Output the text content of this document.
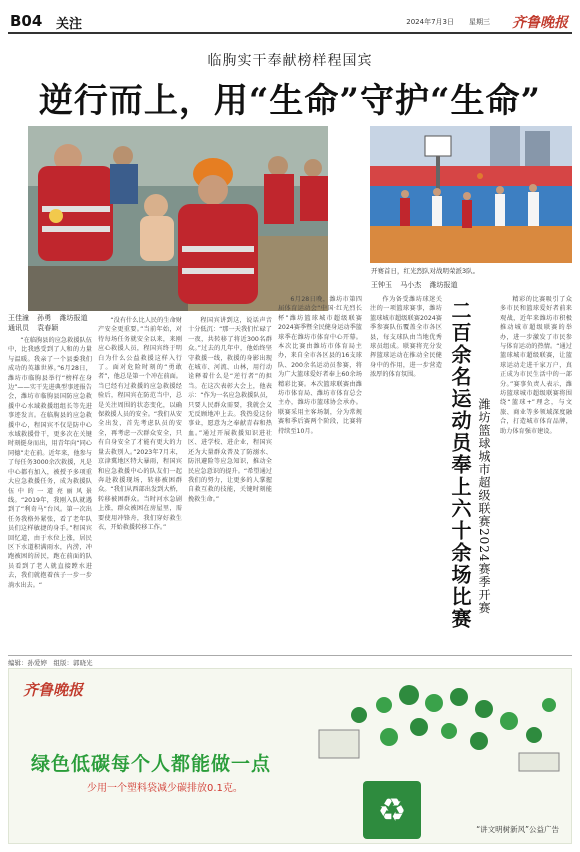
B04 关注	2024年7月3日 星期三 齐鲁晚报
临朐实干奉献榜样程国宾
逆行而上，用“生命”守护“生命”
开赛首日，红光烈队对战明荣派3队。
王佳潼 孙勇 潍坊报道
通讯员 袁春颖
王钟玉 马小杰 潍坊报道

“在临朐县的应急救援队伍中，比我感受到了人和的力量与温暖。我亲了一个县委我们成功的英雄世界。”6月28日，潍坊市临朐县举行“榜样在身边”——实干先进典型事迹报告会，潍坊市临朐县国防应急救援中心水域救援组组长等先进事迹发言。在临朐县的应急救援中心，程国宾不仅是防中心水域救援骨干，更多次在关键时刻挺身而出，用青年向“同心同德”走在前。近年来，他参与了每任务3000余次救援，凡是中心都有加入，被授予多项重大应急救援任务，成为救援队伍中的一道亮丽风景线。“2019年，我刚入队就遇到了“利奇马”台风。第一次出任务我格外紧张，看了老年队员们这样敏捷的身手。”程国宾回忆道，由于水位上涨，居民区下水道积满雨水，内涝，冲跑被困的居民，跑在前面的队员看到了老人就直接蹚水进去，我们就抱着孩子一步一步淌水出去。“

“没有什么比人民的生命财产安全更重要。”当前年始，对待每场任务就安全以来，来刚应心救援人员，程国宾终于明白为什么公益救援这样入行了。面对危险时刻的“勇敢者”，他总是第一个冲在前面。当已经有过救援的应急救援经验后，程国宾在防范当中，总是关注周围的状态变化，以确保救援人员的安全。“我们从安全出发，首先考虑队员的安全，再考虑一次群众安全，只有自身安全了才能有更大的力量去救别人。”2023年7月末，京津冀地区特大暴雨，程国宾和应急救援中心的队友们一起奔赴救援现场，转移被困群众。“我们从西部出发到大桥，转移被困群众。当时河水急剧上涨，群众被困在房屋里，需要使用冲锋舟，我们穿好救生衣，开始救援转移工作。”

程国宾讲到这，说话声音十分低沉：“那一天我们忙碌了一夜，共转移了将近300名群众。”过去的几年中，他始终坚守救援一线，救援的身影出现在城市、河流、山林，用行动诠释着什么是“逆行者”的担当。在这次表彰大会上，他表示：“作为一名应急救援队员，只要人民群众需要，我就会义无反顾地冲上去。我热爱这份事业，愿意为之奉献青春和热血。”通过开展救援知识进社区、进学校、进企业，程国宾还为大量群众普及了防溺水、防汛避险等应急知识，推动全民应急意识的提升。“希望通过我们的努力，让更多的人掌握自救互救的技能，关键时刻能挽救生命。”

6月28日晚，潍坊市第四届体育运动会“中国·红光烈长杯”潍坊篮球城市超级联赛2024赛季暨全民健身运动季篮球季在潍坊市体育中心开幕。本次比赛由潍坊市体育局主办，来自全市各区县的16支球队、200余名运动员参赛，将为广大篮球爱好者奉上60余场精彩比赛。本次篮球联赛由潍坊市体育局、潍坊市体育总会主办，潍坊市篮球协会承办。联赛采用主客场制，分为常规赛和季后赛两个阶段，比赛将持续至10月。

作为备受潍坊球迷关注的一项篮球赛事，潍坊篮球城市超级联赛2024赛季参赛队伍覆盖全市各区县，每支球队由当地优秀球员组成。联赛将充分发挥篮球运动在推动全民健身中的作用，进一步营造浓厚的体育氛围。	二百余名运动员奉上六十余场比赛 潍坊篮球城市超级联赛2024赛季开赛

精彩的比赛吸引了众多市民和篮球爱好者前来观战，近年来潍坊市积极推动城市超级联赛的举办，进一步激发了市民参与体育运动的热情。“通过篮球城市超级联赛，让篮球运动走进千家万户，真正成为市民生活中的一部分。”赛事负责人表示，潍坊篮球城市超级联赛将围绕“篮球+”理念，与文旅、商业等多领域深度融合，打造城市体育品牌，助力体育强市建设。

编辑：孙爱婷　组版：郭晓光
齐鲁晚报
绿色低碳每个人都能做一点
少用一个塑料袋减少碳排放0.1克。
♻
“讲文明树新风”公益广告
